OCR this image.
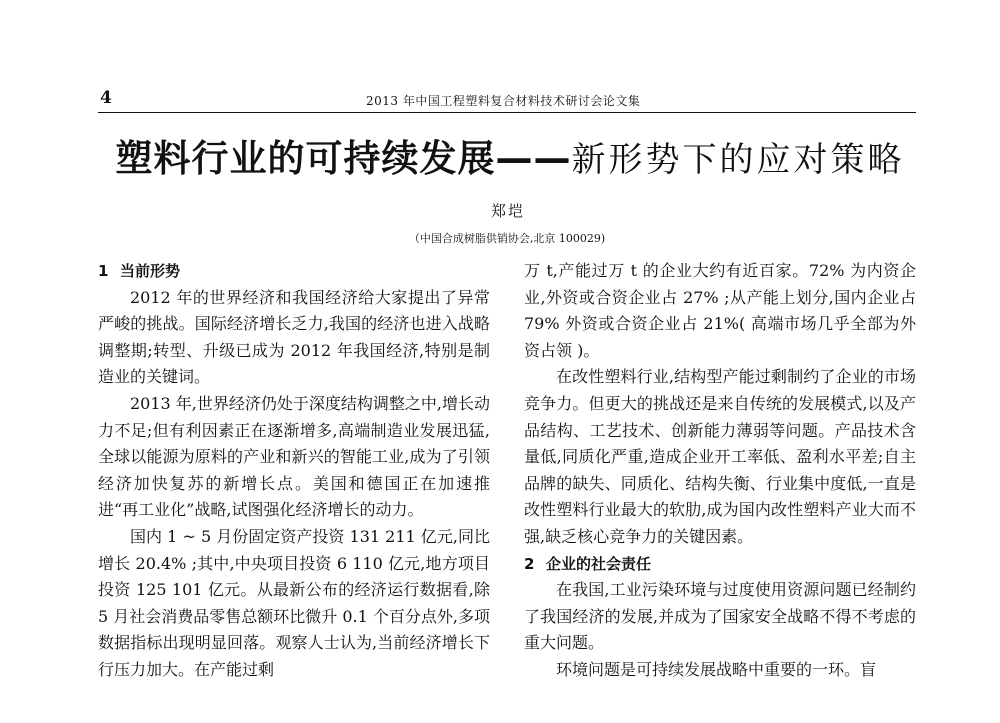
4	2013 年中国工程塑料复合材料技术研讨会论文集
塑料行业的可持续发展——新形势下的应对策略
郑垲
（中国合成树脂供销协会,北京 100029)
1 当前形势

2012 年的世界经济和我国经济给大家提出了异常严峻的挑战。国际经济增长乏力,我国的经济也进入战略调整期;转型、升级已成为 2012 年我国经济,特别是制造业的关键词。

2013 年,世界经济仍处于深度结构调整之中,增长动力不足;但有利因素正在逐渐增多,高端制造业发展迅猛,全球以能源为原料的产业和新兴的智能工业,成为了引领经济加快复苏的新增长点。美国和德国正在加速推进“再工业化”战略,试图强化经济增长的动力。

国内 1 ~ 5 月份固定资产投资 131 211 亿元,同比增长 20.4% ;其中,中央项目投资 6 110 亿元,地方项目投资 125 101 亿元。从最新公布的经济运行数据看,除 5 月社会消费品零售总额环比微升 0.1 个百分点外,多项数据指标出现明显回落。观察人士认为,当前经济增长下行压力加大。在产能过剩

万 t,产能过万 t 的企业大约有近百家。72% 为内资企业,外资或合资企业占 27% ;从产能上划分,国内企业占 79% 外资或合资企业占 21%( 高端市场几乎全部为外资占领 )。

在改性塑料行业,结构型产能过剩制约了企业的市场竞争力。但更大的挑战还是来自传统的发展模式,以及产品结构、工艺技术、创新能力薄弱等问题。产品技术含量低,同质化严重,造成企业开工率低、盈利水平差;自主品牌的缺失、同质化、结构失衡、行业集中度低,一直是改性塑料行业最大的软肋,成为国内改性塑料产业大而不强,缺乏核心竞争力的关键因素。

2 企业的社会责任

在我国,工业污染环境与过度使用资源问题已经制约了我国经济的发展,并成为了国家安全战略不得不考虑的重大问题。

环境问题是可持续发展战略中重要的一环。盲
